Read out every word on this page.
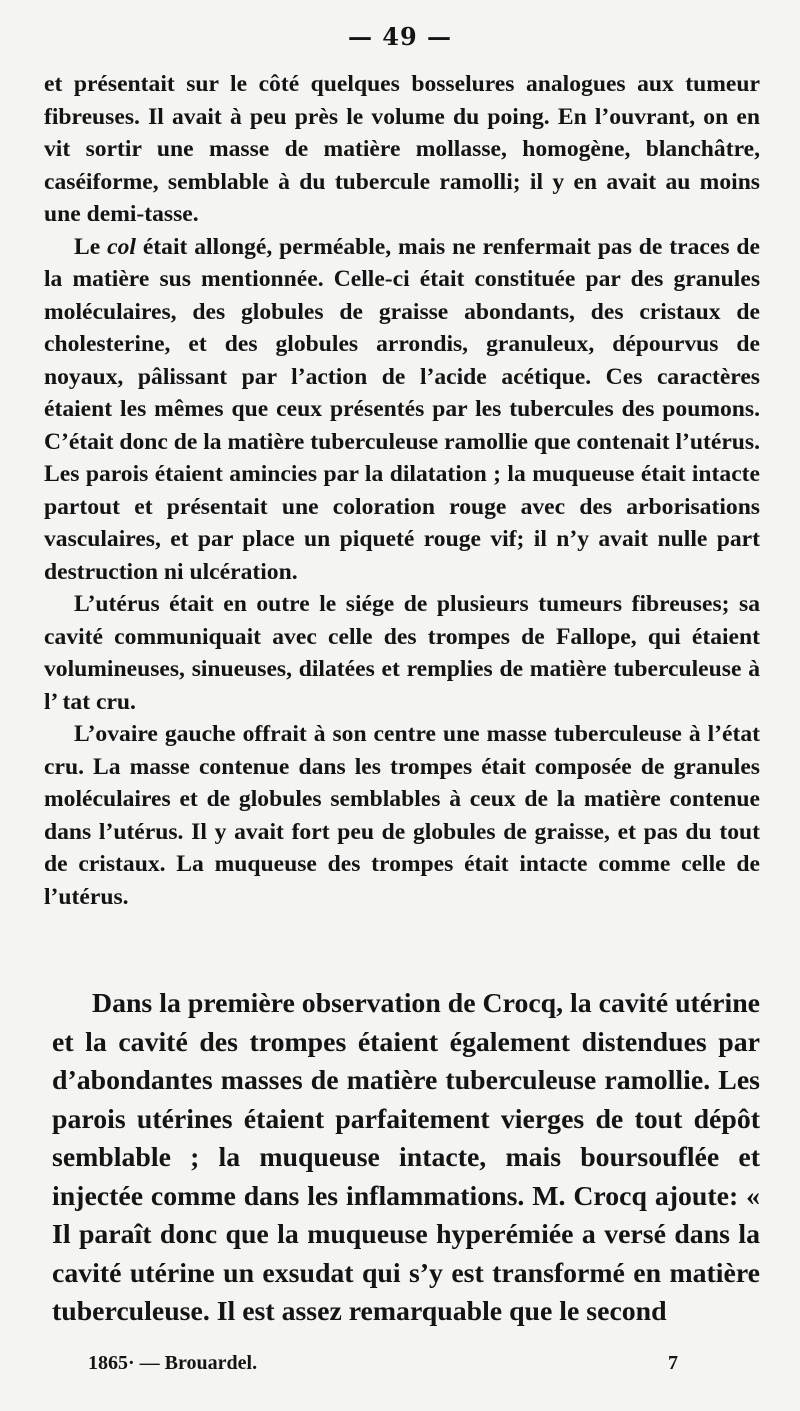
— 49 —

et présentait sur le côté quelques bosselures analogues aux tumeur fibreuses. Il avait à peu près le volume du poing. En l’ouvrant, on en vit sortir une masse de matière mollasse, homogène, blanchâtre, caséiforme, semblable à du tubercule ramolli; il y en avait au moins une demi-tasse.

Le col était allongé, perméable, mais ne renfermait pas de traces de la matière sus mentionnée. Celle-ci était constituée par des granules moléculaires, des globules de graisse abondants, des cristaux de cholesterine, et des globules arrondis, granuleux, dépourvus de noyaux, pâlissant par l’action de l’acide acétique. Ces caractères étaient les mêmes que ceux présentés par les tubercules des poumons. C’était donc de la matière tuberculeuse ramollie que contenait l’utérus. Les parois étaient amincies par la dilatation ; la muqueuse était intacte partout et présentait une coloration rouge avec des arborisations vasculaires, et par place un piqueté rouge vif; il n’y avait nulle part destruction ni ulcération.

L’utérus était en outre le siége de plusieurs tumeurs fibreuses; sa cavité communiquait avec celle des trompes de Fallope, qui étaient volumineuses, sinueuses, dilatées et remplies de matière tuberculeuse à l’ tat cru.

L’ovaire gauche offrait à son centre une masse tuberculeuse à l’état cru. La masse contenue dans les trompes était composée de granules moléculaires et de globules semblables à ceux de la matière contenue dans l’utérus. Il y avait fort peu de globules de graisse, et pas du tout de cristaux. La muqueuse des trompes était intacte comme celle de l’utérus.

Dans la première observation de Crocq, la cavité utérine et la cavité des trompes étaient également distendues par d’abondantes masses de matière tuberculeuse ramollie. Les parois utérines étaient parfaitement vierges de tout dépôt semblable ; la muqueuse intacte, mais boursouflée et injectée comme dans les inflammations. M. Crocq ajoute: « Il paraît donc que la muqueuse hyperémiée a versé dans la cavité utérine un exsudat qui s’y est transformé en matière tuberculeuse. Il est assez remarquable que le second

1865· — Brouardel.	7
